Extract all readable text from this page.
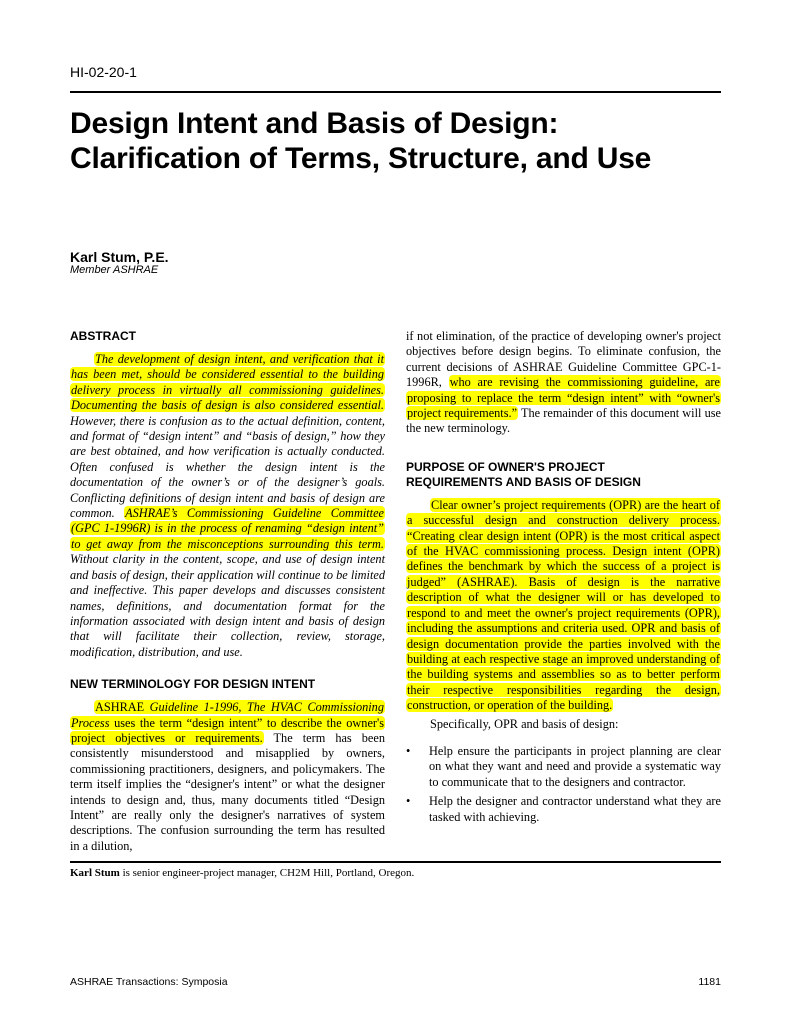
HI-02-20-1
Design Intent and Basis of Design:
Clarification of Terms, Structure, and Use
Karl Stum, P.E.
Member ASHRAE
ABSTRACT

The development of design intent, and verification that it has been met, should be considered essential to the building delivery process in virtually all commissioning guidelines. Documenting the basis of design is also considered essential. However, there is confusion as to the actual definition, content, and format of “design intent” and “basis of design,” how they are best obtained, and how verification is actually conducted. Often confused is whether the design intent is the documentation of the owner’s or of the designer’s goals. Conflicting definitions of design intent and basis of design are common. ASHRAE’s Commissioning Guideline Committee (GPC 1-1996R) is in the process of renaming “design intent” to get away from the misconceptions surrounding this term. Without clarity in the content, scope, and use of design intent and basis of design, their application will continue to be limited and ineffective. This paper develops and discusses consistent names, definitions, and documentation format for the information associated with design intent and basis of design that will facilitate their collection, review, storage, modification, distribution, and use.

NEW TERMINOLOGY FOR DESIGN INTENT

ASHRAE Guideline 1-1996, The HVAC Commissioning Process uses the term “design intent” to describe the owner's project objectives or requirements. The term has been consistently misunderstood and misapplied by owners, commissioning practitioners, designers, and policymakers. The term itself implies the “designer's intent” or what the designer intends to design and, thus, many documents titled “Design Intent” are really only the designer's narratives of system descriptions. The confusion surrounding the term has resulted in a dilution,

if not elimination, of the practice of developing owner's project objectives before design begins. To eliminate confusion, the current decisions of ASHRAE Guideline Committee GPC-1-1996R, who are revising the commissioning guideline, are proposing to replace the term “design intent” with “owner's project requirements.” The remainder of this document will use the new terminology.

PURPOSE OF OWNER'S PROJECT
REQUIREMENTS AND BASIS OF DESIGN

Clear owner’s project requirements (OPR) are the heart of a successful design and construction delivery process. “Creating clear design intent (OPR) is the most critical aspect of the HVAC commissioning process. Design intent (OPR) defines the benchmark by which the success of a project is judged” (ASHRAE). Basis of design is the narrative description of what the designer will or has developed to respond to and meet the owner's project requirements (OPR), including the assumptions and criteria used. OPR and basis of design documentation provide the parties involved with the building at each respective stage an improved understanding of the building systems and assemblies so as to better perform their respective responsibilities regarding the design, construction, or operation of the building.

Specifically, OPR and basis of design:

• Help ensure the participants in project planning are clear on what they want and need and provide a systematic way to communicate that to the designers and contractor.
• Help the designer and contractor understand what they are tasked with achieving.
Karl Stum is senior engineer-project manager, CH2M Hill, Portland, Oregon.
ASHRAE Transactions: Symposia	1181
